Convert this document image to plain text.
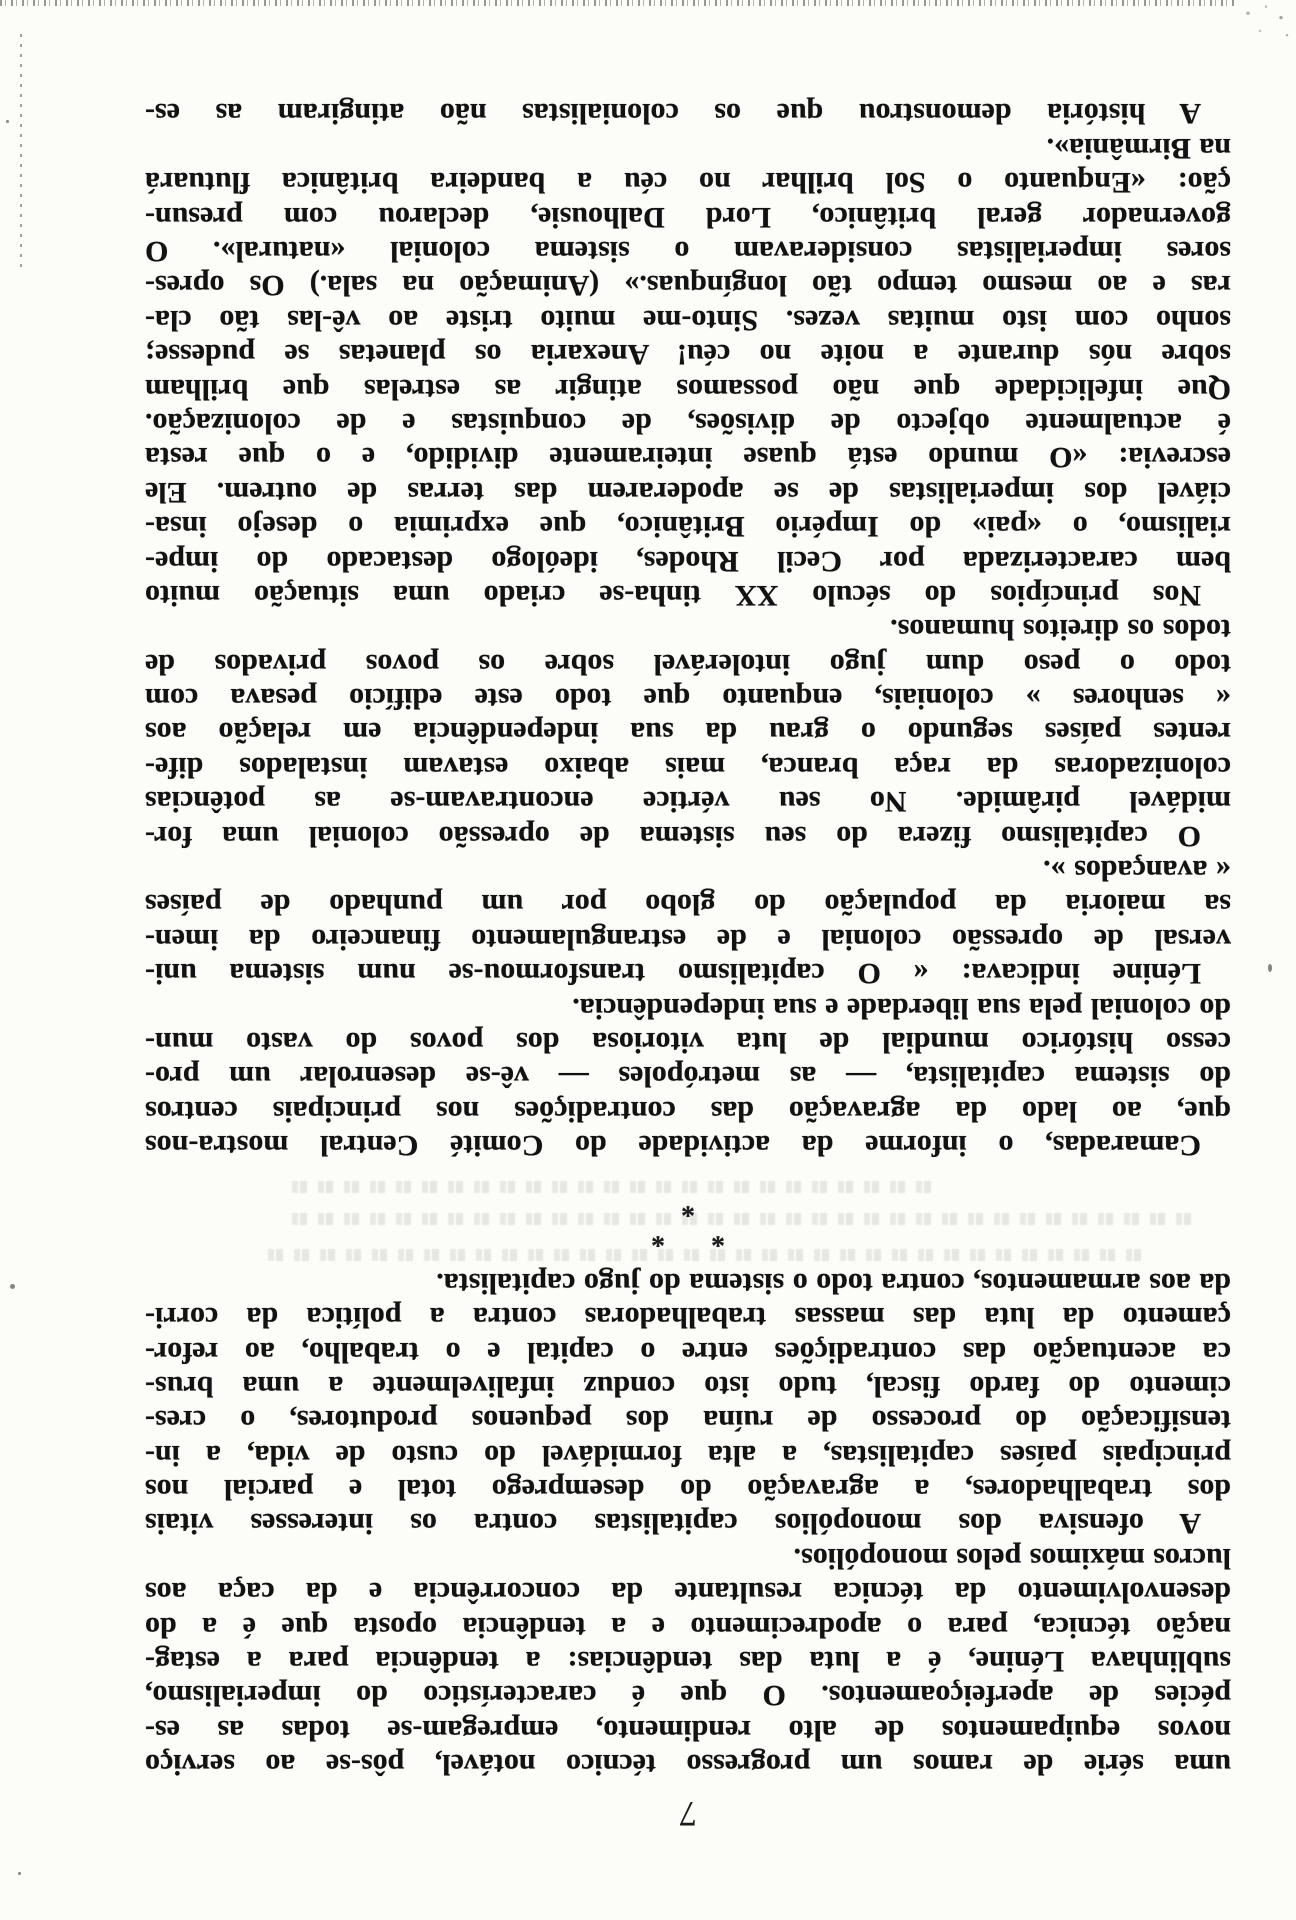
7
uma série de ramos um progresso técnico notável, pôs-se ao serviço
novos equipamentos de alto rendimento, empregam-se todas as es-
pécies de aperfeiçoamentos. O que é característico do imperialismo,
sublinhava Lénine, é a luta das tendências: a tendência para a estag-
nação técnica, para o apodrecimento e a tendência oposta que é a do
desenvolvimento da técnica resultante da concorrência e da caça aos
lucros máximos pelos monopólios.
A ofensiva dos monopólios capitalistas contra os interesses vitais
dos trabalhadores, a agravação do desemprego total e parcial nos
principais países capitalistas, a alta formidável do custo de vida, a in-
tensificação do processo de ruína dos pequenos produtores, o cres-
cimento do fardo fiscal, tudo isto conduz infalivelmente a uma brus-
ca acentuação das contradições entre o capital e o trabalho, ao refor-
çamento da luta das massas trabalhadoras contra a política da corri-
da aos armamentos, contra todo o sistema do jugo capitalista.
*
*
*
Camaradas, o informe da actividade do Comité Central mostra-nos
que, ao lado da agravação das contradições nos principais centros
do sistema capitalista, — as metrópoles — vê-se desenrolar um pro-
cesso histórico mundial de luta vitoriosa dos povos do vasto mun-
do colonial pela sua liberdade e sua independência.
Lénine indicava: « O capitalismo transformou-se num sistema uni-
versal de opressão colonial e de estrangulamento financeiro da imen-
sa maioria da população do globo por um punhado de países
« avançados ».
O capitalismo fizera do seu sistema de opressão colonial uma for-
midável pirâmide. No seu vértice encontravam-se as potências
colonizadoras da raça branca, mais abaixo estavam instalados dife-
rentes países segundo o grau da sua independência em relação aos
« senhores » coloniais, enquanto que todo este edifício pesava com
todo o peso dum jugo intolerável sobre os povos privados de
todos os direitos humanos.
Nos princípios do século XX tinha-se criado uma situação muito
bem caracterizada por Cecil Rhodes, ideólogo destacado do impe-
rialismo, o «pai» do Império Britânico, que exprimia o desejo insa-
ciável dos imperialistas de se apoderarem das terras de outrem. Ele
escrevia: «O mundo está quase inteiramente dividido, e o que resta
é actualmente objecto de divisões, de conquistas e de colonização.
Que infelicidade que não possamos atingir as estrelas que brilham
sobre nós durante a noite no céu! Anexaria os planetas se pudesse;
sonho com isto muitas vezes. Sinto-me muito triste ao vê-las tão cla-
ras e ao mesmo tempo tão longínquas.» (Animação na sala.) Os opres-
sores imperialistas consideravam o sistema colonial «natural». O
governador geral britânico, Lord Dalhousie, declarou com presun-
ção: «Enquanto o Sol brilhar no céu a bandeira britânica flutuará
na Birmânia».
A história demonstrou que os colonialistas não atingiram as es-
